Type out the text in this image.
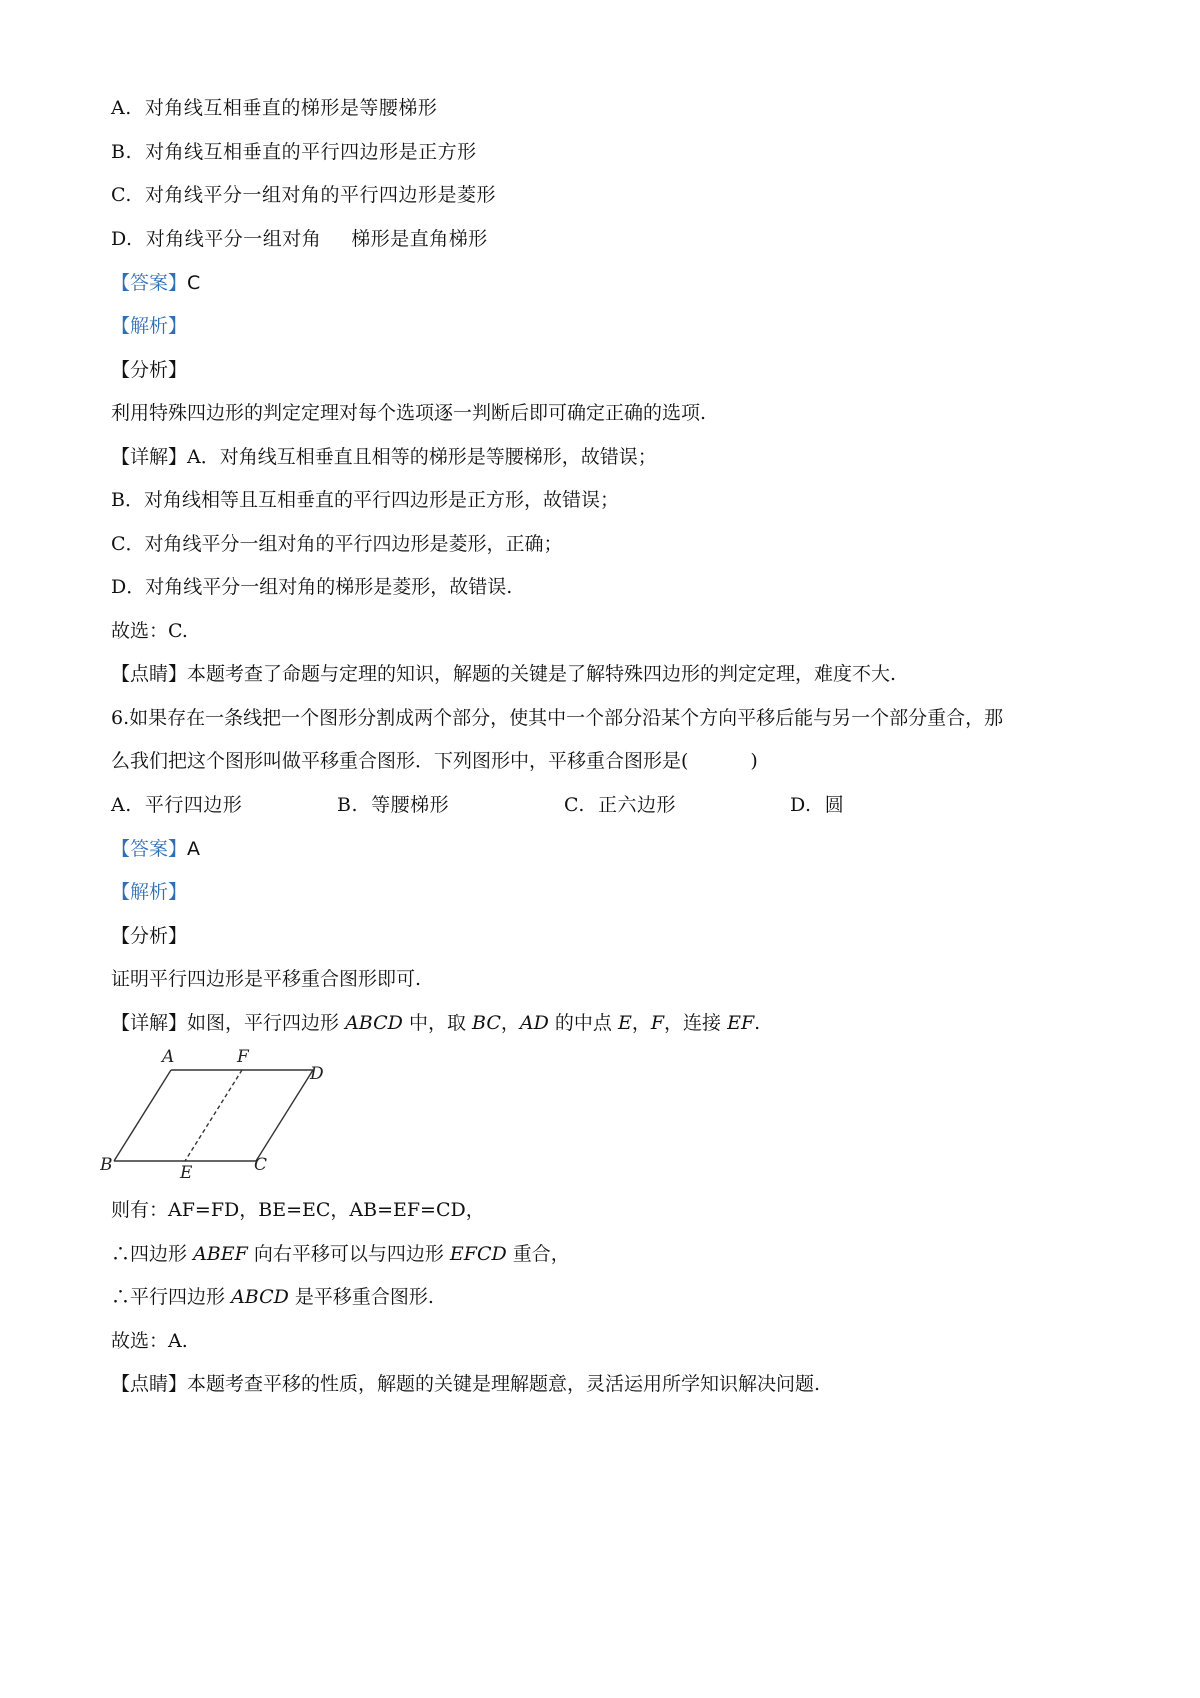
A. 对角线互相垂直的梯形是等腰梯形
B. 对角线互相垂直的平行四边形是正方形
C. 对角线平分一组对角的平行四边形是菱形
D. 对角线平分一组对角 梯形是直角梯形
【答案】C
【解析】
【分析】
利用特殊四边形的判定定理对每个选项逐一判断后即可确定正确的选项.
【详解】A．对角线互相垂直且相等的梯形是等腰梯形，故错误；
B．对角线相等且互相垂直的平行四边形是正方形，故错误；
C．对角线平分一组对角的平行四边形是菱形，正确；
D．对角线平分一组对角的梯形是菱形，故错误.
故选：C.
【点睛】本题考查了命题与定理的知识，解题的关键是了解特殊四边形的判定定理，难度不大.
6.如果存在一条线把一个图形分割成两个部分，使其中一个部分沿某个方向平移后能与另一个部分重合，那
么我们把这个图形叫做平移重合图形．下列图形中，平移重合图形是(	)
A. 平行四边形	B. 等腰梯形	C. 正六边形	D. 圆
【答案】A
【解析】
【分析】
证明平行四边形是平移重合图形即可.
【详解】如图，平行四边形 ABCD 中，取 BC，AD 的中点 E，F，连接 EF.
A	F
D
B	E	C
则有：AF=FD，BE=EC，AB=EF=CD，
∴四边形 ABEF 向右平移可以与四边形 EFCD 重合，
∴平行四边形 ABCD 是平移重合图形.
故选：A.
【点睛】本题考查平移的性质，解题的关键是理解题意，灵活运用所学知识解决问题.
